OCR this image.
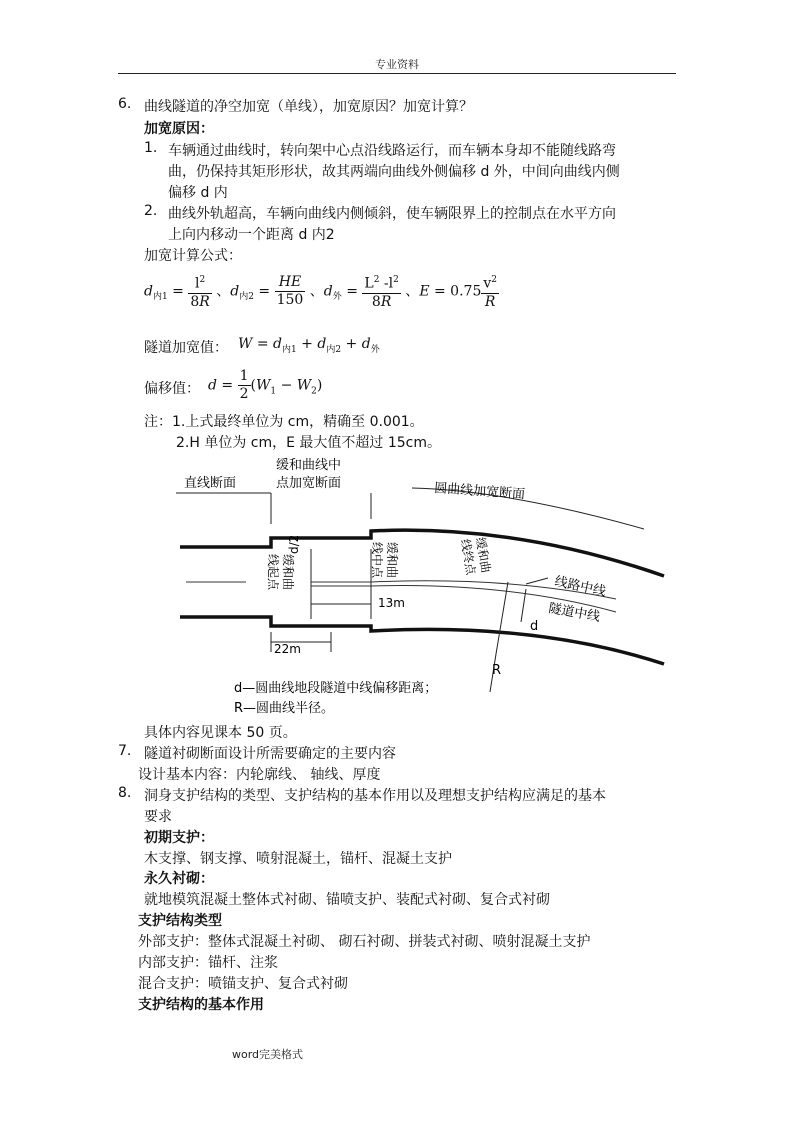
专业资料
6. 曲线隧道的净空加宽（单线），加宽原因？加宽计算？
加宽原因：
1. 车辆通过曲线时，转向架中心点沿线路运行，而车辆本身却不能随线路弯
曲，仍保持其矩形形状，故其两端向曲线外侧偏移 d 外，中间向曲线内侧
偏移 d 内
2. 曲线外轨超高，车辆向曲线内侧倾斜，使车辆限界上的控制点在水平方向
上向内移动一个距离 d 内2
加宽计算公式：
$d_{内1} = \frac{l^2}{8R}$ 、$d_{内2} = \frac{HE}{150}$ 、$d_外 = \frac{L^2 -l^2}{8R}$ 、$E = 0.75 \frac{v^2}{R}$
隧道加宽值： $W = d_{内1} + d_{内2} + d_外$
偏移值： $d = \frac{1}{2} (W_1 - W_2)$
注：1.上式最终单位为 cm，精确至 0.001。
2.H 单位为 cm，E 最大值不超过 15cm。
直线断面
缓和曲线中
点加宽断面	圆曲线加宽断面
缓和曲
线起点
d/2	缓和曲
线中点	缓和曲
线终点
13m
22m
线路中线
隧道中线
d
R
d—圆曲线地段隧道中线偏移距离；
R—圆曲线半径。
具体内容见课本 50 页。
7. 隧道衬砌断面设计所需要确定的主要内容
设计基本内容：内轮廓线、 轴线、厚度
8. 洞身支护结构的类型、支护结构的基本作用以及理想支护结构应满足的基本
要求
初期支护：
木支撑、钢支撑、喷射混凝土，锚杆、混凝土支护
永久衬砌：
就地模筑混凝土整体式衬砌、锚喷支护、装配式衬砌、复合式衬砌
支护结构类型
外部支护：整体式混凝土衬砌、 砌石衬砌、拼装式衬砌、喷射混凝土支护
内部支护：锚杆、注浆
混合支护：喷锚支护、复合式衬砌
支护结构的基本作用
word完美格式
